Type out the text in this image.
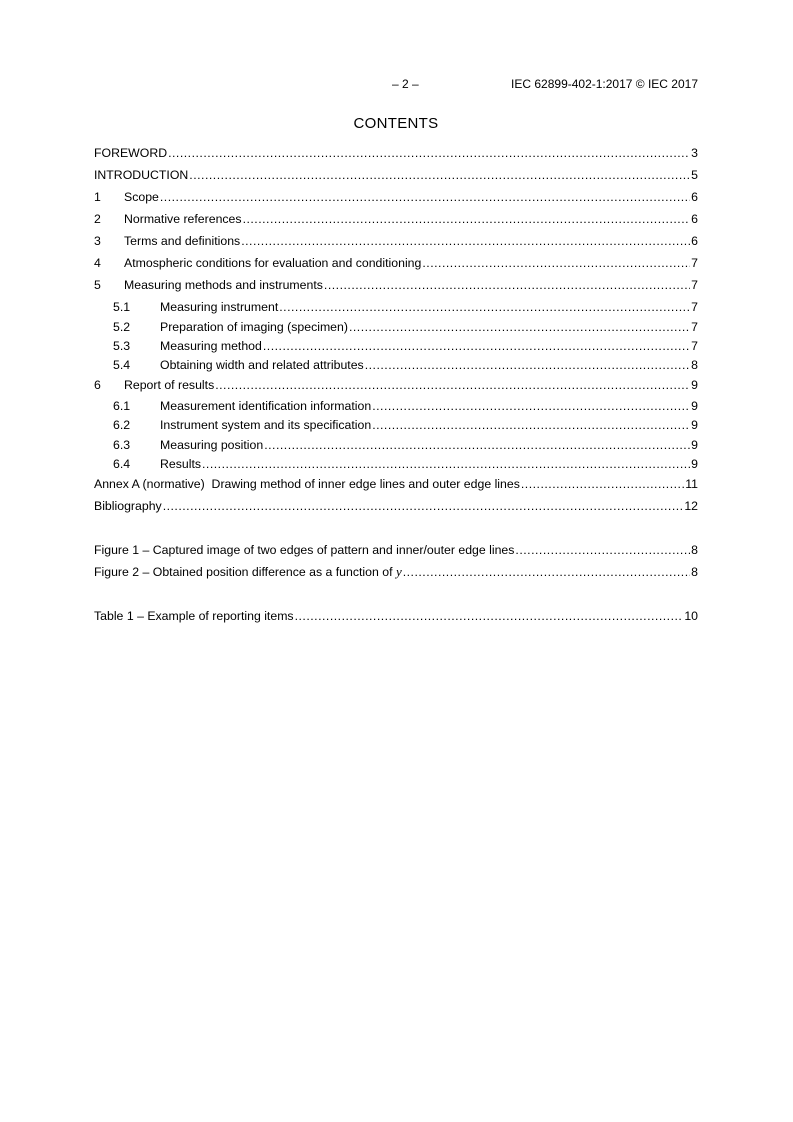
– 2 –	IEC 62899-402-1:2017 © IEC 2017
CONTENTS
FOREWORD .....	3
INTRODUCTION .....	5
1	Scope .....	6
2	Normative references .....	6
3	Terms and definitions .....	6
4	Atmospheric conditions for evaluation and conditioning .....	7
5	Measuring methods and instruments .....	7
5.1	Measuring instrument .....	7
5.2	Preparation of imaging (specimen) .....	7
5.3	Measuring method .....	7
5.4	Obtaining width and related attributes .....	8
6	Report of results .....	9
6.1	Measurement identification information .....	9
6.2	Instrument system and its specification .....	9
6.3	Measuring position .....	9
6.4	Results .....	9
Annex A (normative)  Drawing method of inner edge lines and outer edge lines .....	11
Bibliography .....	12
Figure 1 – Captured image of two edges of pattern and inner/outer edge lines .....	8
Figure 2 – Obtained position difference as a function of y .....	8
Table 1 – Example of reporting items .....	10
